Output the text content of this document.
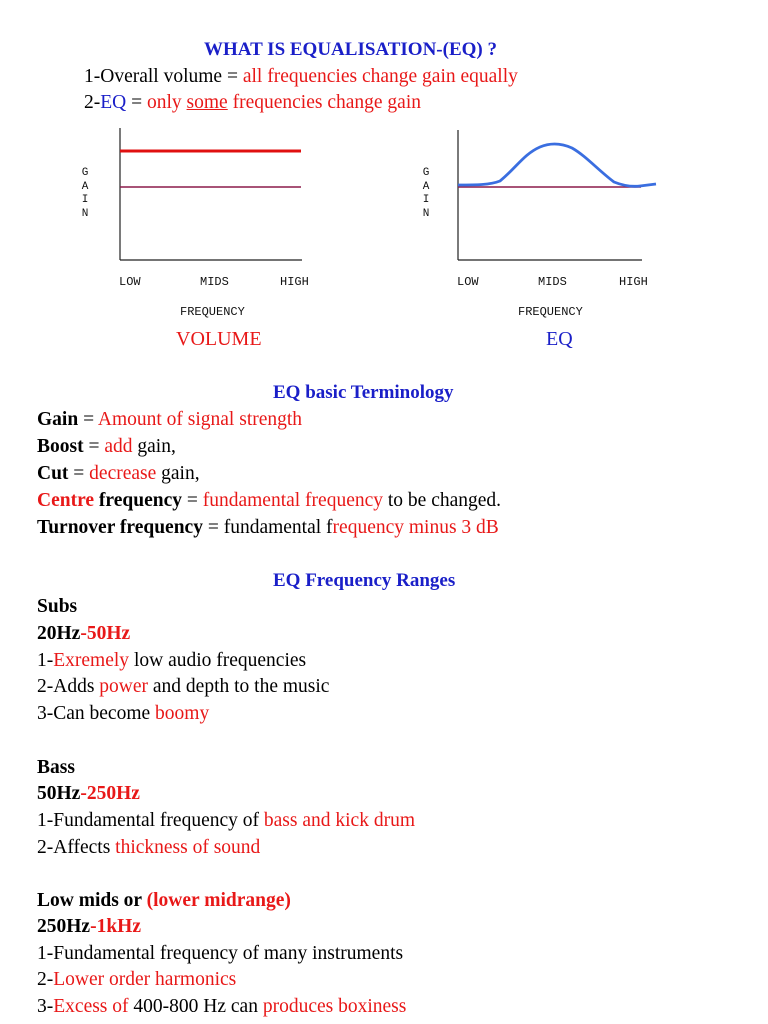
WHAT IS EQUALISATION-(EQ) ?
1-Overall volume = all frequencies change gain equally
2-EQ = only some frequencies change gain
G
A
I
N
LOW	MIDS	HIGH
FREQUENCY
VOLUME
G
A
I
N
LOW	MIDS	HIGH
FREQUENCY
EQ
EQ basic Terminology
Gain = Amount of signal strength
Boost = add gain,
Cut = decrease gain,
Centre frequency = fundamental frequency to be changed.
Turnover frequency = fundamental frequency minus 3 dB
EQ Frequency Ranges
Subs
20Hz-50Hz
1-Exremely low audio frequencies
2-Adds power and depth to the music
3-Can become boomy
Bass
50Hz-250Hz
1-Fundamental frequency of bass and kick drum
2-Affects thickness of sound
Low mids or (lower midrange)
250Hz-1kHz
1-Fundamental frequency of many instruments
2-Lower order harmonics
3-Excess of 400-800 Hz can produces boxiness
